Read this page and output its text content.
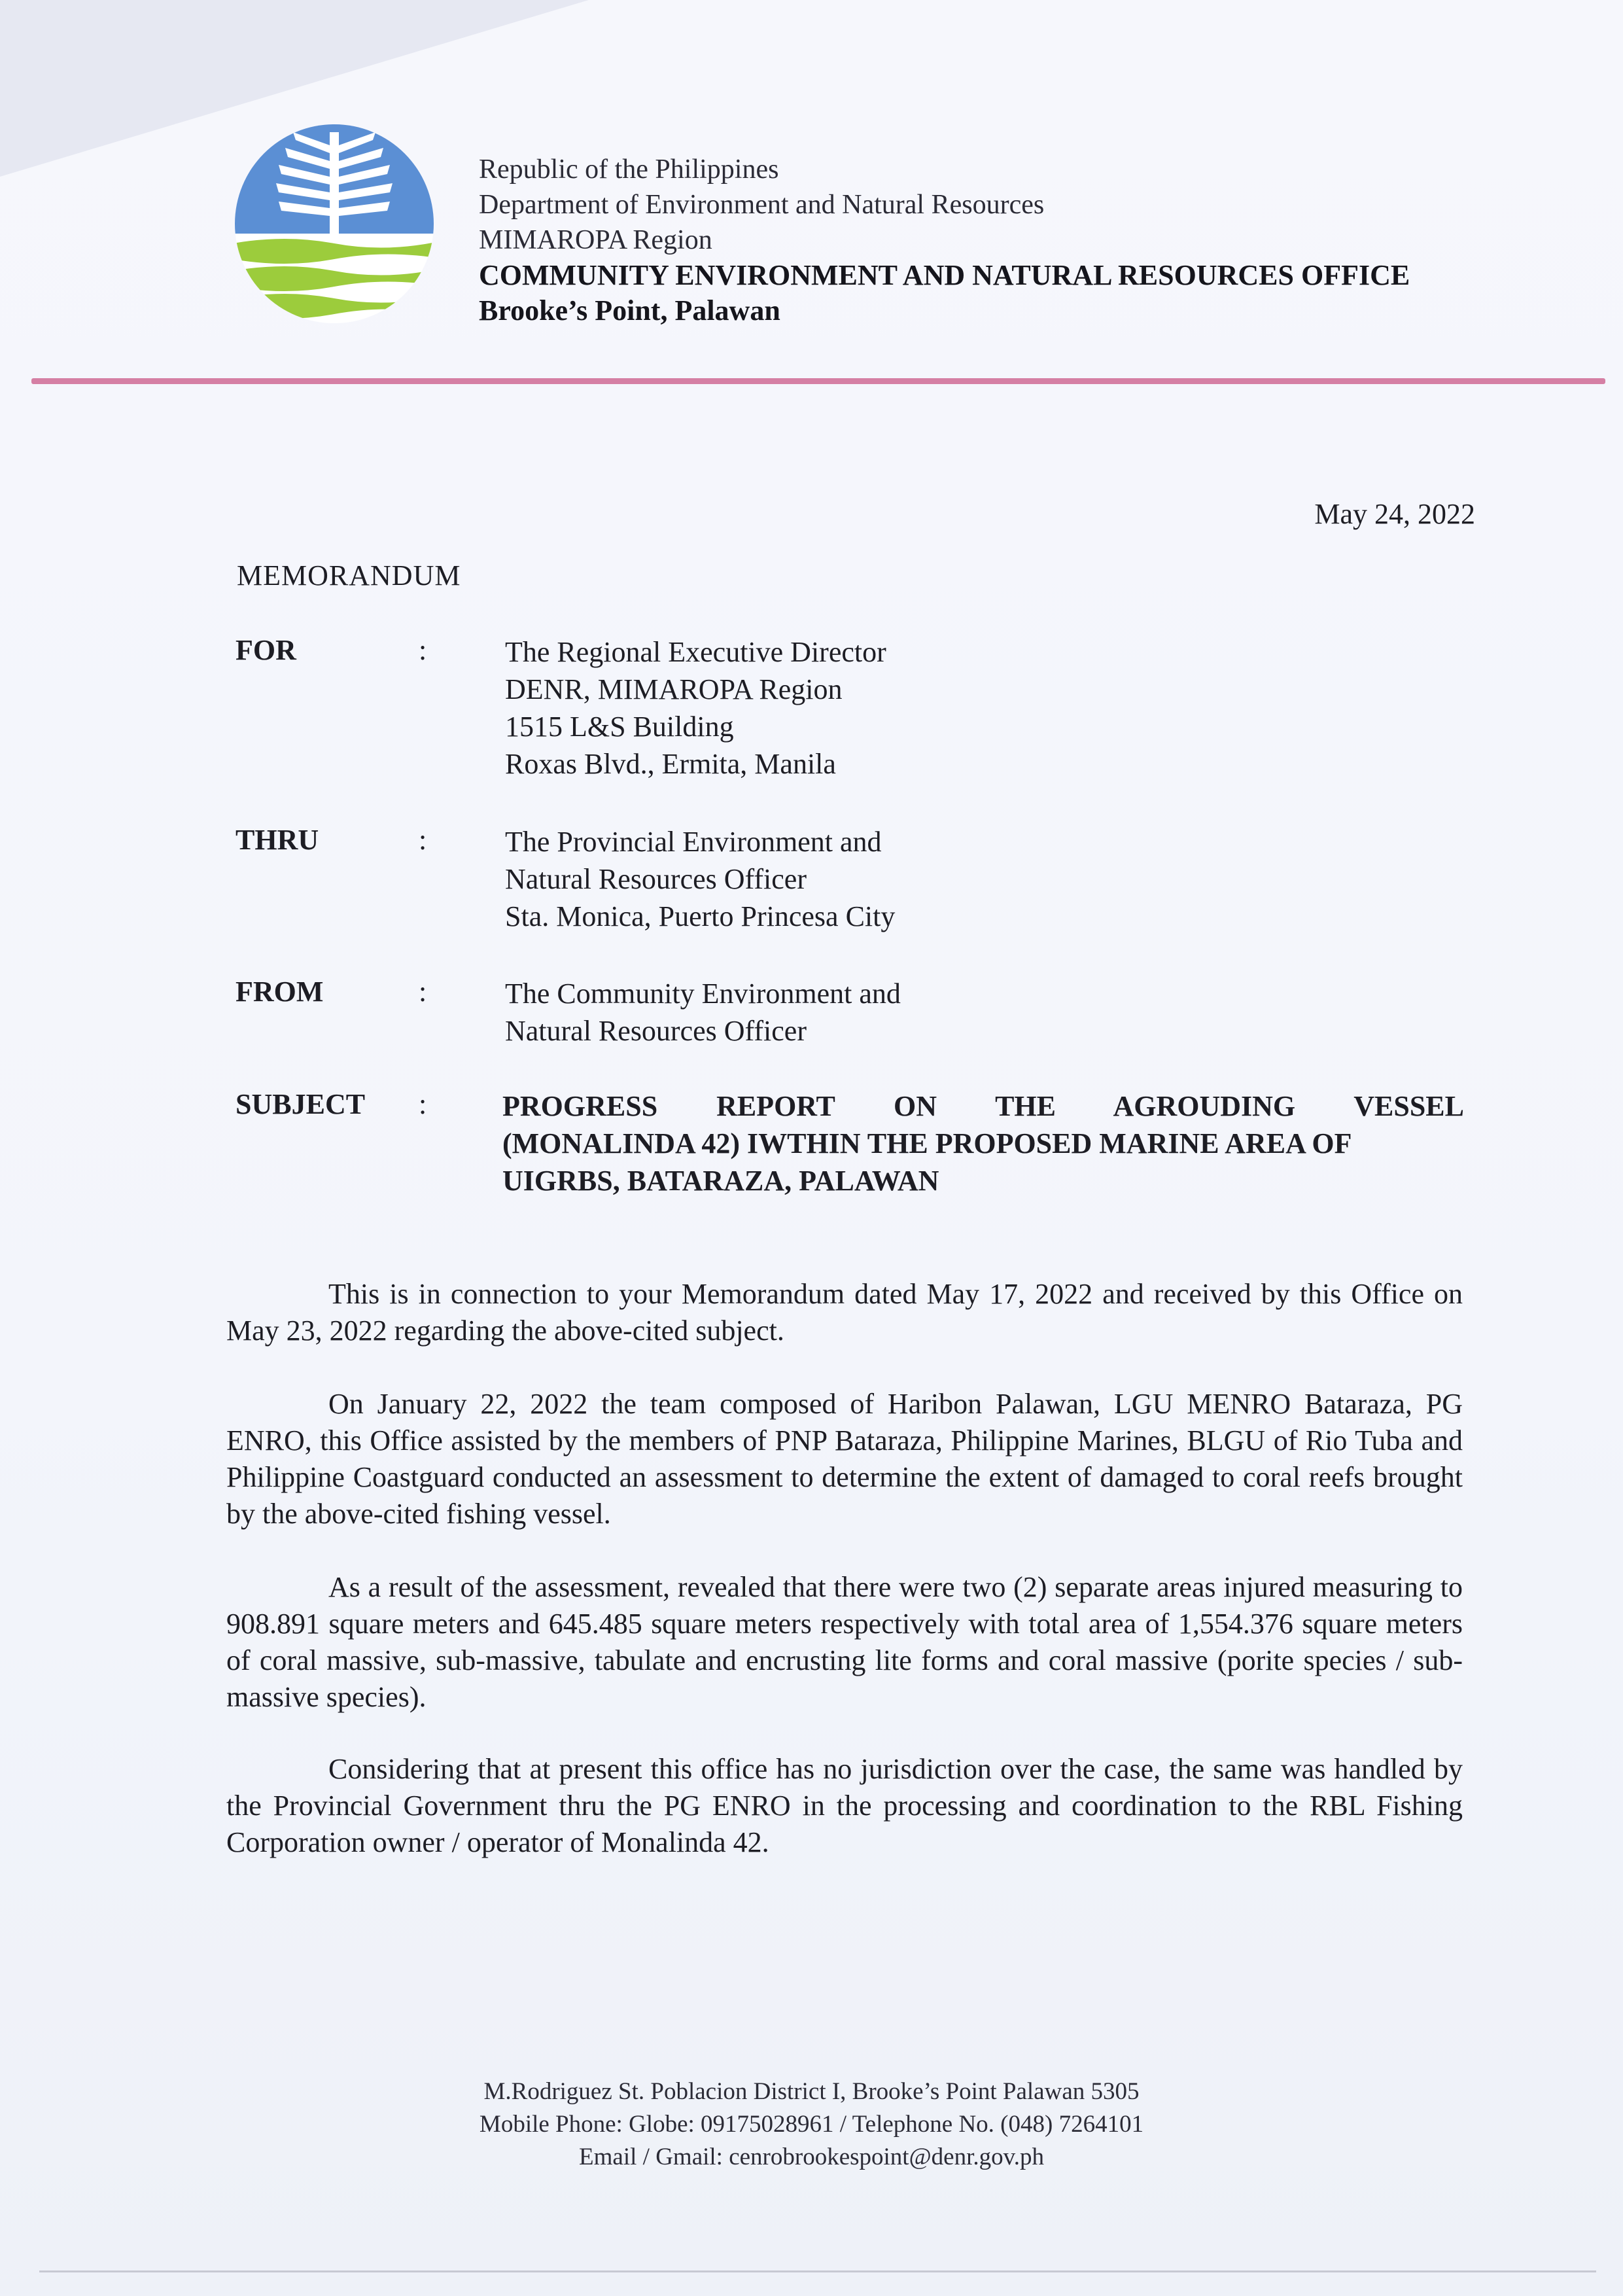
Republic of the Philippines
Department of Environment and Natural Resources
MIMAROPA Region
COMMUNITY ENVIRONMENT AND NATURAL RESOURCES OFFICE
Brooke’s Point, Palawan
May 24, 2022
MEMORANDUM
FOR	:	The Regional Executive Director
DENR, MIMAROPA Region
1515 L&S Building
Roxas Blvd., Ermita, Manila
THRU	:	The Provincial Environment and
Natural Resources Officer
Sta. Monica, Puerto Princesa City
FROM	:	The Community Environment and
Natural Resources Officer
SUBJECT :	PROGRESS REPORT ON THE AGROUDING VESSEL
(MONALINDA 42) IWTHIN THE PROPOSED MARINE AREA OF
UIGRBS, BATARAZA, PALAWAN

This is in connection to your Memorandum dated May 17, 2022 and received by this Office on May 23, 2022 regarding the above-cited subject.

On January 22, 2022 the team composed of Haribon Palawan, LGU MENRO Bataraza, PG ENRO, this Office assisted by the members of PNP Bataraza, Philippine Marines, BLGU of Rio Tuba and Philippine Coastguard conducted an assessment to determine the extent of damaged to coral reefs brought by the above-cited fishing vessel.

As a result of the assessment, revealed that there were two (2) separate areas injured measuring to 908.891 square meters and 645.485 square meters respectively with total area of 1,554.376 square meters of coral massive, sub-massive, tabulate and encrusting lite forms and coral massive (porite species / sub-massive species).

Considering that at present this office has no jurisdiction over the case, the same was handled by the Provincial Government thru the PG ENRO in the processing and coordination to the RBL Fishing Corporation owner / operator of Monalinda 42.

M.Rodriguez St. Poblacion District I, Brooke’s Point Palawan 5305
Mobile Phone: Globe: 09175028961 / Telephone No. (048) 7264101
Email / Gmail: cenrobrookespoint@denr.gov.ph
